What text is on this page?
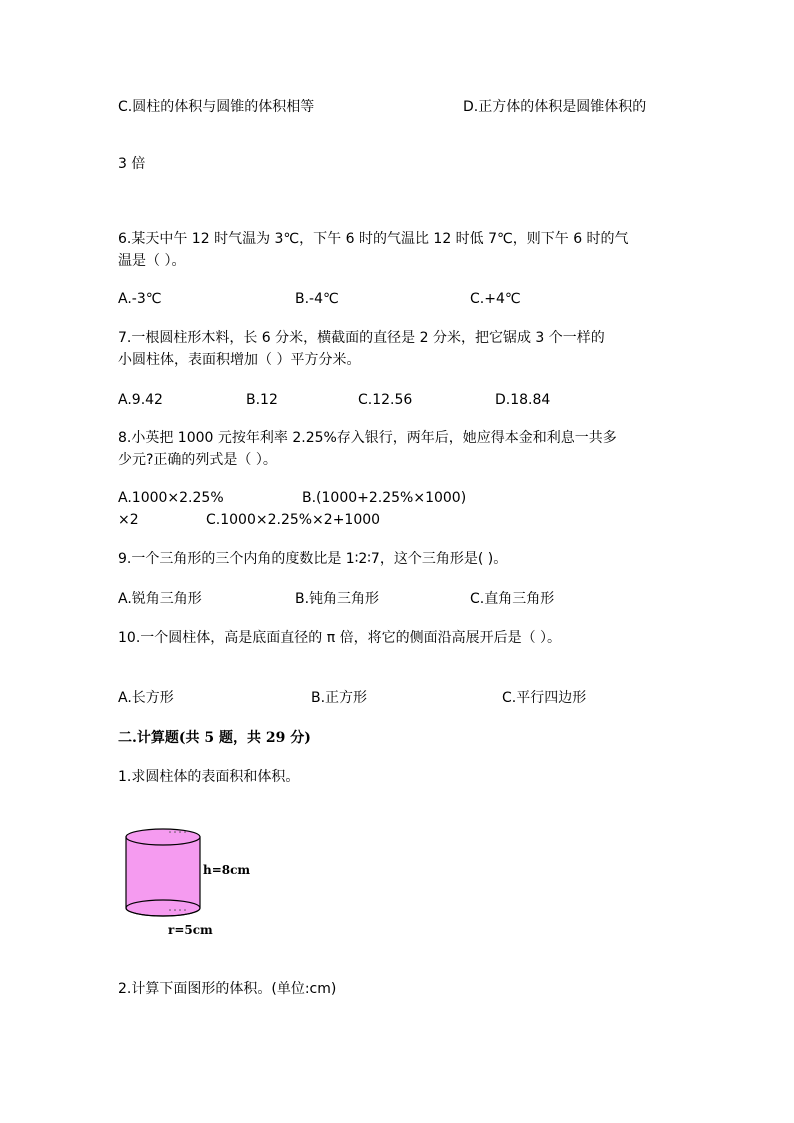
C.圆柱的体积与圆锥的体积相等	D.正方体的体积是圆锥体积的
3 倍
6.某天中午 12 时气温为 3℃，下午 6 时的气温比 12 时低 7℃，则下午 6 时的气
温是（ ）。
A.-3℃	B.-4℃	C.+4℃
7.一根圆柱形木料，长 6 分米，横截面的直径是 2 分米，把它锯成 3 个一样的
小圆柱体，表面积增加（ ）平方分米。
A.9.42	B.12	C.12.56	D.18.84
8.小英把 1000 元按年利率 2.25%存入银行，两年后，她应得本金和利息一共多
少元?正确的列式是（ ）。
A.1000×2.25%	B.(1000+2.25%×1000)
×2	C.1000×2.25%×2+1000
9.一个三角形的三个内角的度数比是 1∶2∶7，这个三角形是( )。
A.锐角三角形	B.钝角三角形	C.直角三角形
10.一个圆柱体，高是底面直径的 π 倍，将它的侧面沿高展开后是（ ）。
A.长方形	B.正方形	C.平行四边形
二.计算题(共 5 题，共 29 分)
1.求圆柱体的表面积和体积。
h=8cm
r=5cm
2.计算下面图形的体积。(单位:cm)
